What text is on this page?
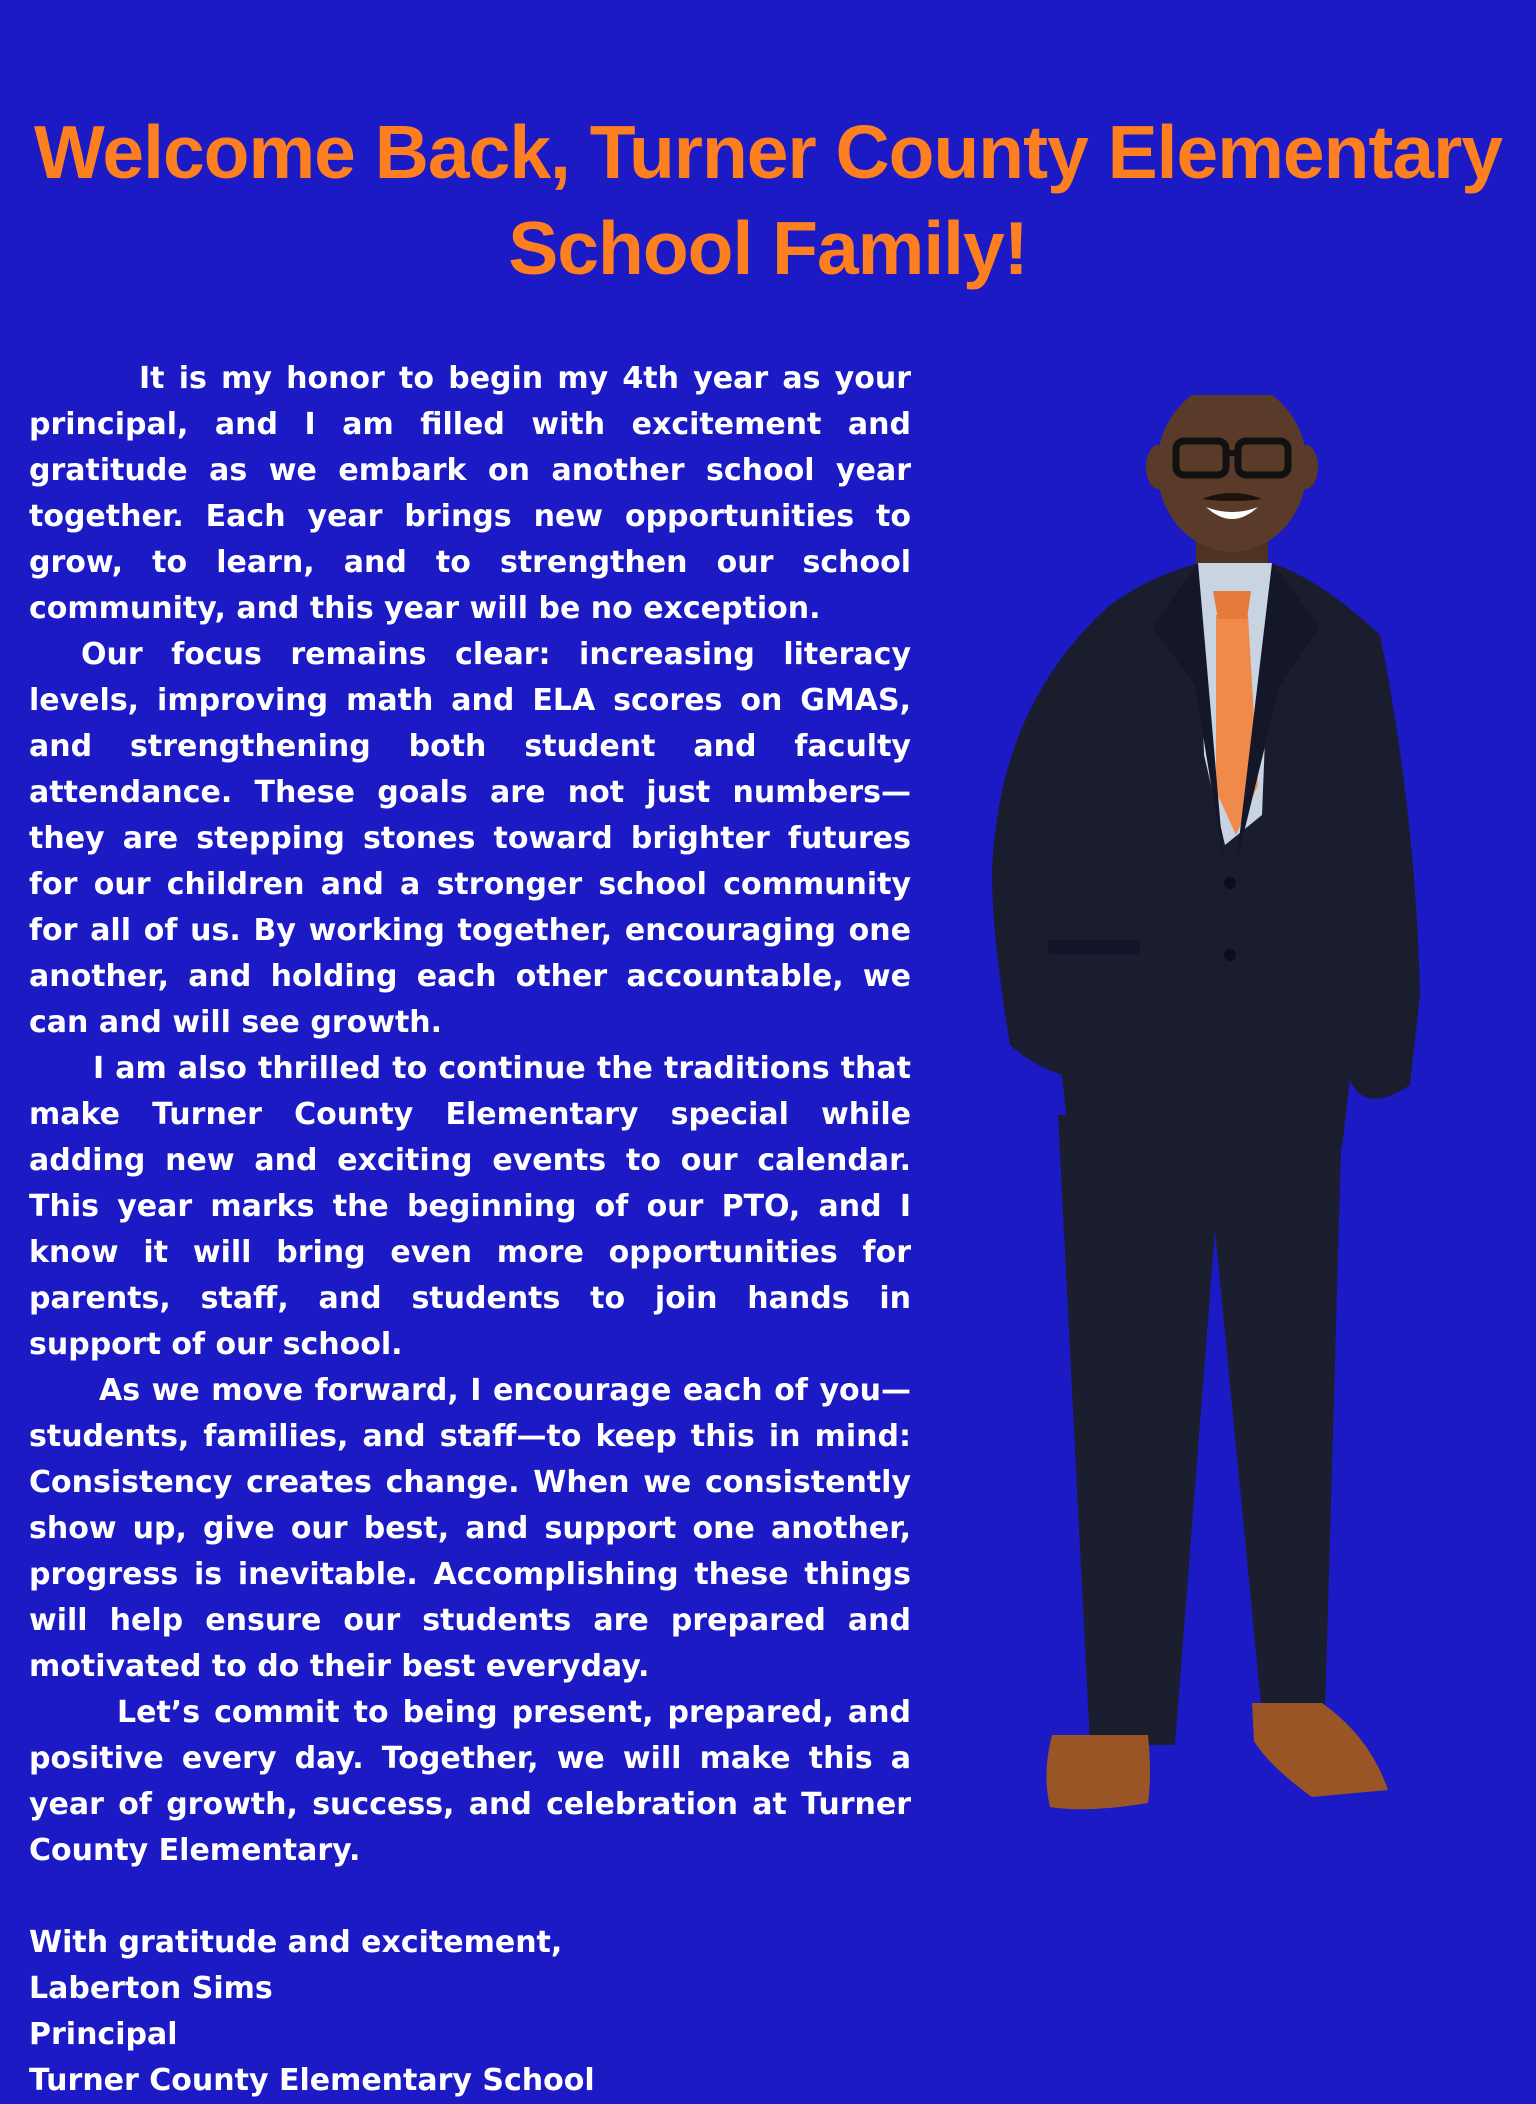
Welcome Back, Turner County Elementary School Family!

It is my honor to begin my 4th year as your principal, and I am filled with excitement and gratitude as we embark on another school year together. Each year brings new opportunities to grow, to learn, and to strengthen our school community, and this year will be no exception.

Our focus remains clear: increasing literacy levels, improving math and ELA scores on GMAS, and strengthening both student and faculty attendance. These goals are not just numbers—they are stepping stones toward brighter futures for our children and a stronger school community for all of us. By working together, encouraging one another, and holding each other accountable, we can and will see growth.

I am also thrilled to continue the traditions that make Turner County Elementary special while adding new and exciting events to our calendar. This year marks the beginning of our PTO, and I know it will bring even more opportunities for parents, staff, and students to join hands in support of our school.

As we move forward, I encourage each of you—students, families, and staff—to keep this in mind: Consistency creates change. When we consistently show up, give our best, and support one another, progress is inevitable. Accomplishing these things will help ensure our students are prepared and motivated to do their best everyday.

Let’s commit to being present, prepared, and positive every day. Together, we will make this a year of growth, success, and celebration at Turner County Elementary.

With gratitude and excitement,
Laberton Sims
Principal
Turner County Elementary School
